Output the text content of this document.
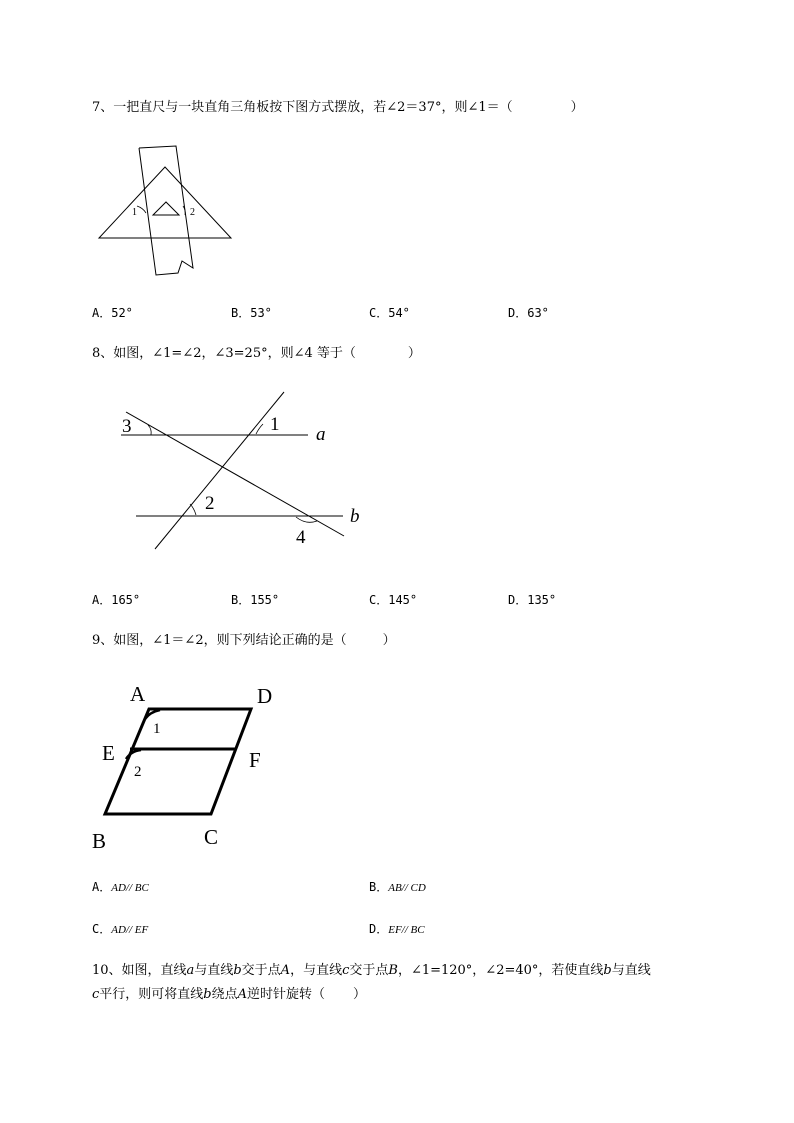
7、一把直尺与一块直角三角板按下图方式摆放，若∠2＝37°，则∠1＝（	）
1	2
A．52°	B．53°	C．54°	D．63°
8、如图，∠1=∠2，∠3=25°，则∠4 等于（	）
1
2
3
4
a
b
A．165°	B．155°	C．145°	D．135°
9、如图，∠1＝∠2，则下列结论正确的是（	）
A	D
E	F
B	C
1
2
A．AD// BC	B．AB// CD
C．AD// EF	D．EF// BC
10、如图，直线a与直线b交于点A，与直线c交于点B，∠1=120°，∠2=40°，若使直线b与直线
c平行，则可将直线b绕点A逆时针旋转（ ）
